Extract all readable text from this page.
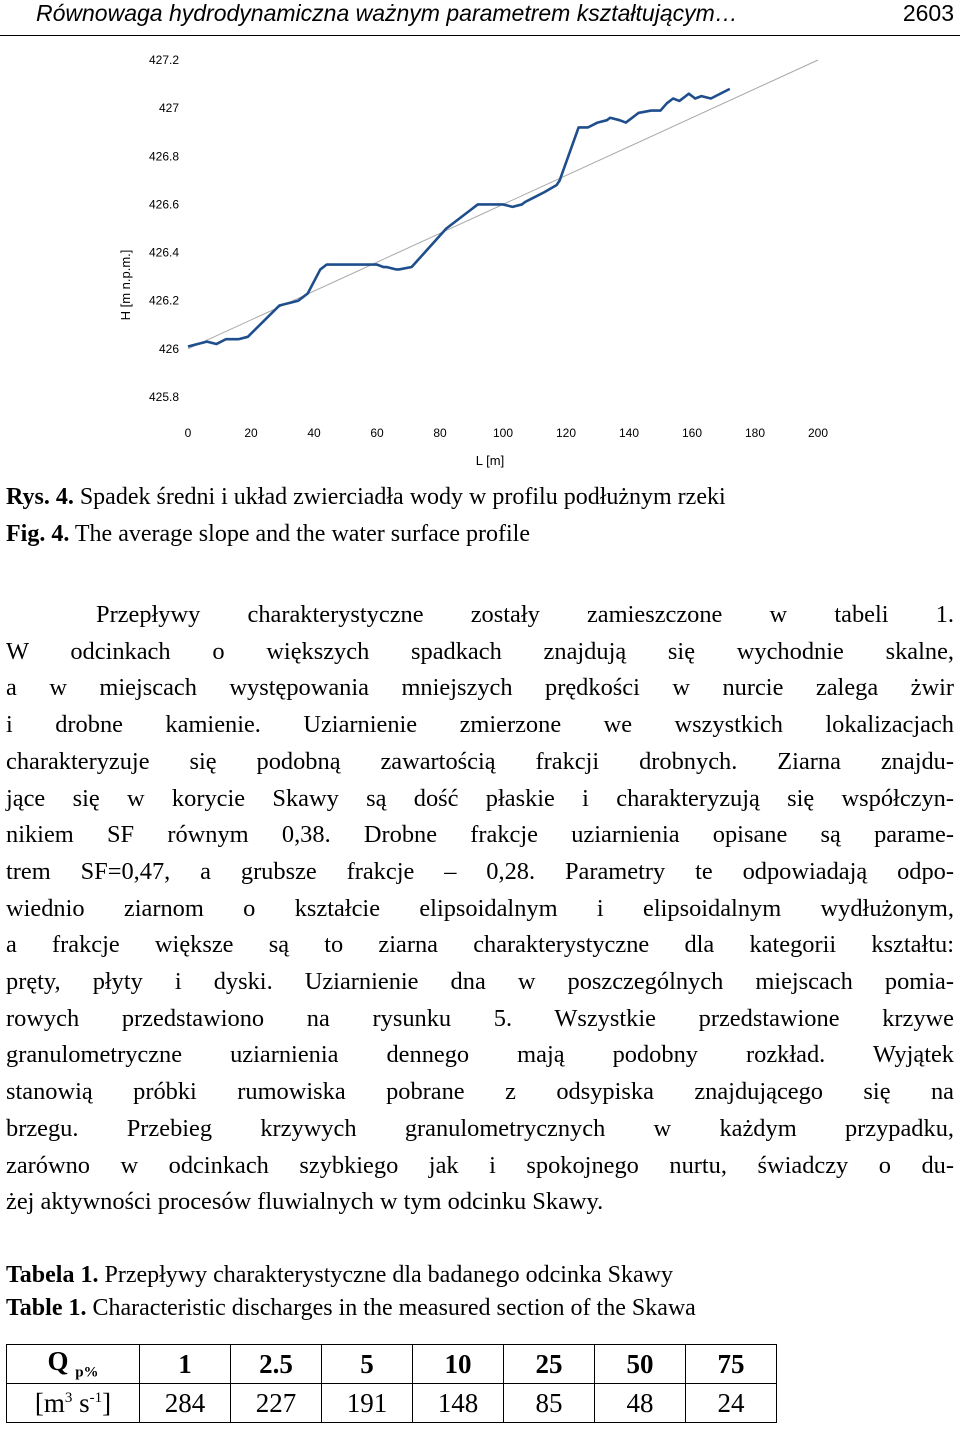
Równowaga hydrodynamiczna ważnym parametrem kształtującym…	2603
425.8
426
426.2
426.4
426.6
426.8
427
427.2
0	20	40	60	80	100	120	140	160	180	200
H [m n.p.m.]
L [m]
Rys. 4. Spadek średni i układ zwierciadła wody w profilu podłużnym rzeki
Fig. 4. The average slope and the water surface profile

Przepływy charakterystyczne zostały zamieszczone w tabeli 1.
W odcinkach o większych spadkach znajdują się wychodnie skalne,
a w miejscach występowania mniejszych prędkości w nurcie zalega żwir
i drobne kamienie. Uziarnienie zmierzone we wszystkich lokalizacjach
charakteryzuje się podobną zawartością frakcji drobnych. Ziarna znajdu-
jące się w korycie Skawy są dość płaskie i charakteryzują się współczyn-
nikiem SF równym 0,38. Drobne frakcje uziarnienia opisane są parame-
trem SF=0,47, a grubsze frakcje – 0,28. Parametry te odpowiadają odpo-
wiednio ziarnom o kształcie elipsoidalnym i elipsoidalnym wydłużonym,
a frakcje większe są to ziarna charakterystyczne dla kategorii kształtu:
pręty, płyty i dyski. Uziarnienie dna w poszczególnych miejscach pomia-
rowych przedstawiono na rysunku 5. Wszystkie przedstawione krzywe
granulometryczne uziarnienia dennego mają podobny rozkład. Wyjątek
stanowią próbki rumowiska pobrane z odsypiska znajdującego się na
brzegu. Przebieg krzywych granulometrycznych w każdym przypadku,
zarówno w odcinkach szybkiego jak i spokojnego nurtu, świadczy o du-
żej aktywności procesów fluwialnych w tym odcinku Skawy.

Tabela 1. Przepływy charakterystyczne dla badanego odcinka Skawy
Table 1. Characteristic discharges in the measured section of the Skawa
Q $_{p\%}$	1	2.5	5	10	25	50	75
[$m^3$ $s^{-1}$]	284	227	191	148	85	48	24
